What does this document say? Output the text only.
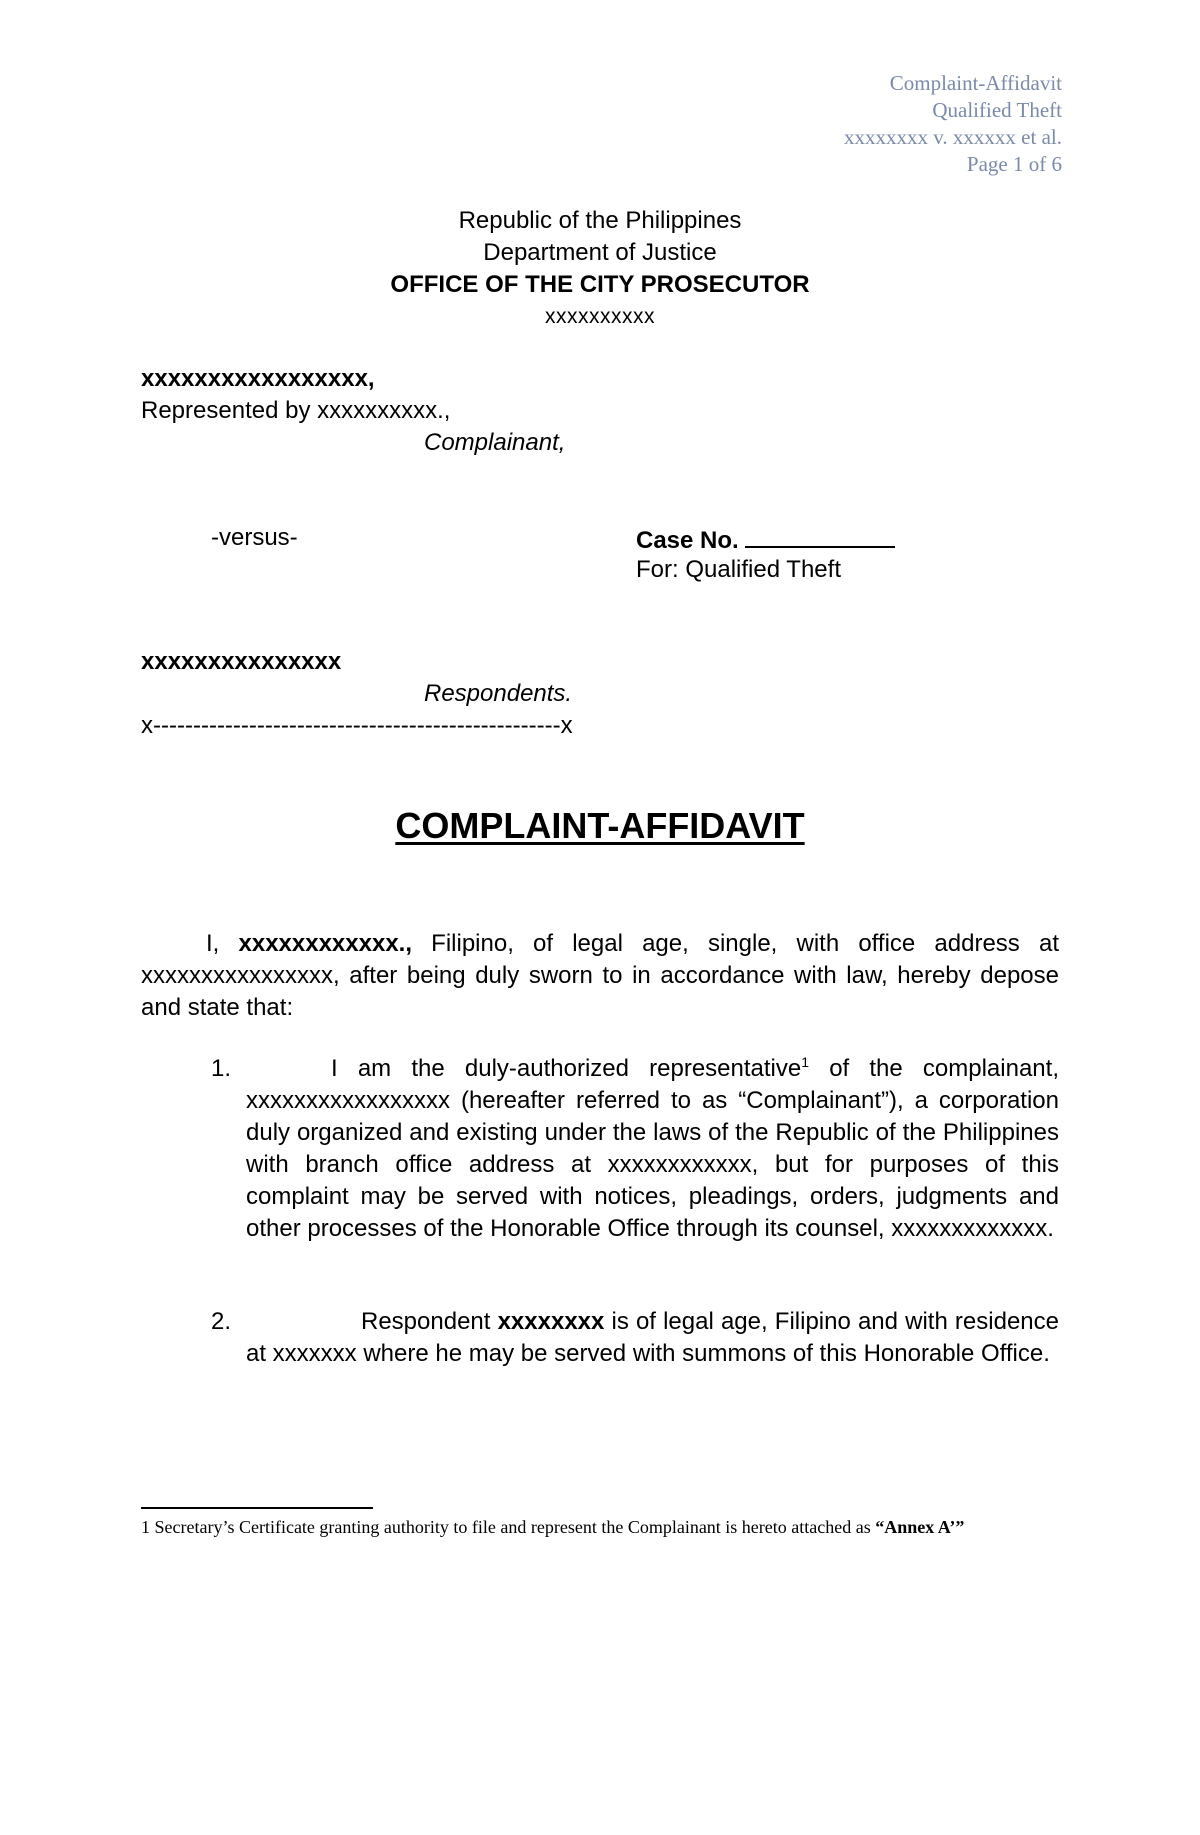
Complaint-Affidavit
Qualified Theft
xxxxxxxx v. xxxxxx et al.
Page 1 of 6
Republic of the Philippines
Department of Justice
OFFICE OF THE CITY PROSECUTOR
xxxxxxxxxx
xxxxxxxxxxxxxxxxx,
Represented by xxxxxxxxxx.,
Complainant,
-versus-	Case No.
For: Qualified Theft
xxxxxxxxxxxxxxx
Respondents.
x---------------------------------------------------x
COMPLAINT-AFFIDAVIT
I, xxxxxxxxxxxx., Filipino, of legal age, single, with office address at xxxxxxxxxxxxxxxx, after being duly sworn to in accordance with law, hereby depose and state that:
1.	I am the duly-authorized representative$^1$ of the complainant, xxxxxxxxxxxxxxxxx (hereafter referred to as “Complainant”), a corporation duly organized and existing under the laws of the Republic of the Philippines with branch office address at xxxxxxxxxxxx, but for purposes of this complaint may be served with notices, pleadings, orders, judgments and other processes of the Honorable Office through its counsel, xxxxxxxxxxxxx.
2.	Respondent xxxxxxxx is of legal age, Filipino and with residence at xxxxxxx where he may be served with summons of this Honorable Office.
1 Secretary’s Certificate granting authority to file and represent the Complainant is hereto attached as “Annex A’”
